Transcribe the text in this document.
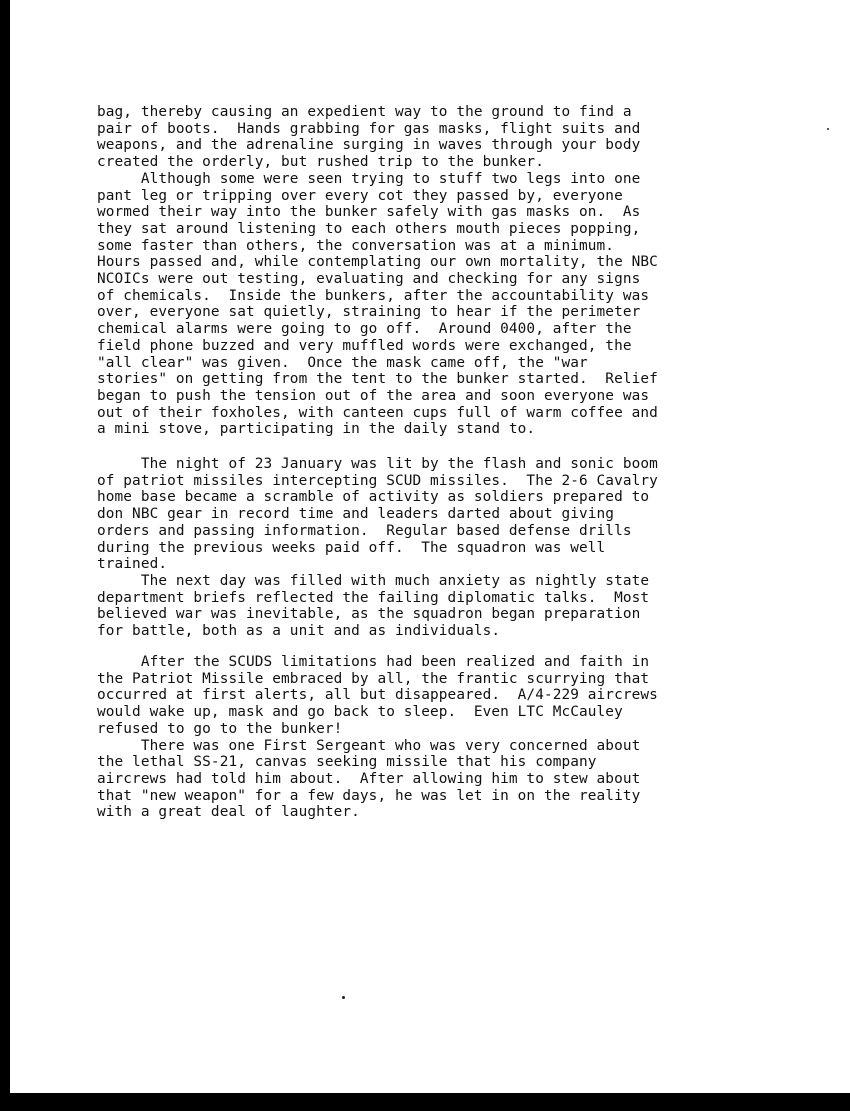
bag, thereby causing an expedient way to the ground to find a
pair of boots.  Hands grabbing for gas masks, flight suits and
weapons, and the adrenaline surging in waves through your body
created the orderly, but rushed trip to the bunker.
Although some were seen trying to stuff two legs into one
pant leg or tripping over every cot they passed by, everyone
wormed their way into the bunker safely with gas masks on.  As
they sat around listening to each others mouth pieces popping,
some faster than others, the conversation was at a minimum.
Hours passed and, while contemplating our own mortality, the NBC
NCOICs were out testing, evaluating and checking for any signs
of chemicals.  Inside the bunkers, after the accountability was
over, everyone sat quietly, straining to hear if the perimeter
chemical alarms were going to go off.  Around 0400, after the
field phone buzzed and very muffled words were exchanged, the
"all clear" was given.  Once the mask came off, the "war
stories" on getting from the tent to the bunker started.  Relief
began to push the tension out of the area and soon everyone was
out of their foxholes, with canteen cups full of warm coffee and
a mini stove, participating in the daily stand to.
The night of 23 January was lit by the flash and sonic boom
of patriot missiles intercepting SCUD missiles.  The 2-6 Cavalry
home base became a scramble of activity as soldiers prepared to
don NBC gear in record time and leaders darted about giving
orders and passing information.  Regular based defense drills
during the previous weeks paid off.  The squadron was well
trained.
The next day was filled with much anxiety as nightly state
department briefs reflected the failing diplomatic talks.  Most
believed war was inevitable, as the squadron began preparation
for battle, both as a unit and as individuals.
After the SCUDS limitations had been realized and faith in
the Patriot Missile embraced by all, the frantic scurrying that
occurred at first alerts, all but disappeared.  A/4-229 aircrews
would wake up, mask and go back to sleep.  Even LTC McCauley
refused to go to the bunker!
There was one First Sergeant who was very concerned about
the lethal SS-21, canvas seeking missile that his company
aircrews had told him about.  After allowing him to stew about
that "new weapon" for a few days, he was let in on the reality
with a great deal of laughter.
